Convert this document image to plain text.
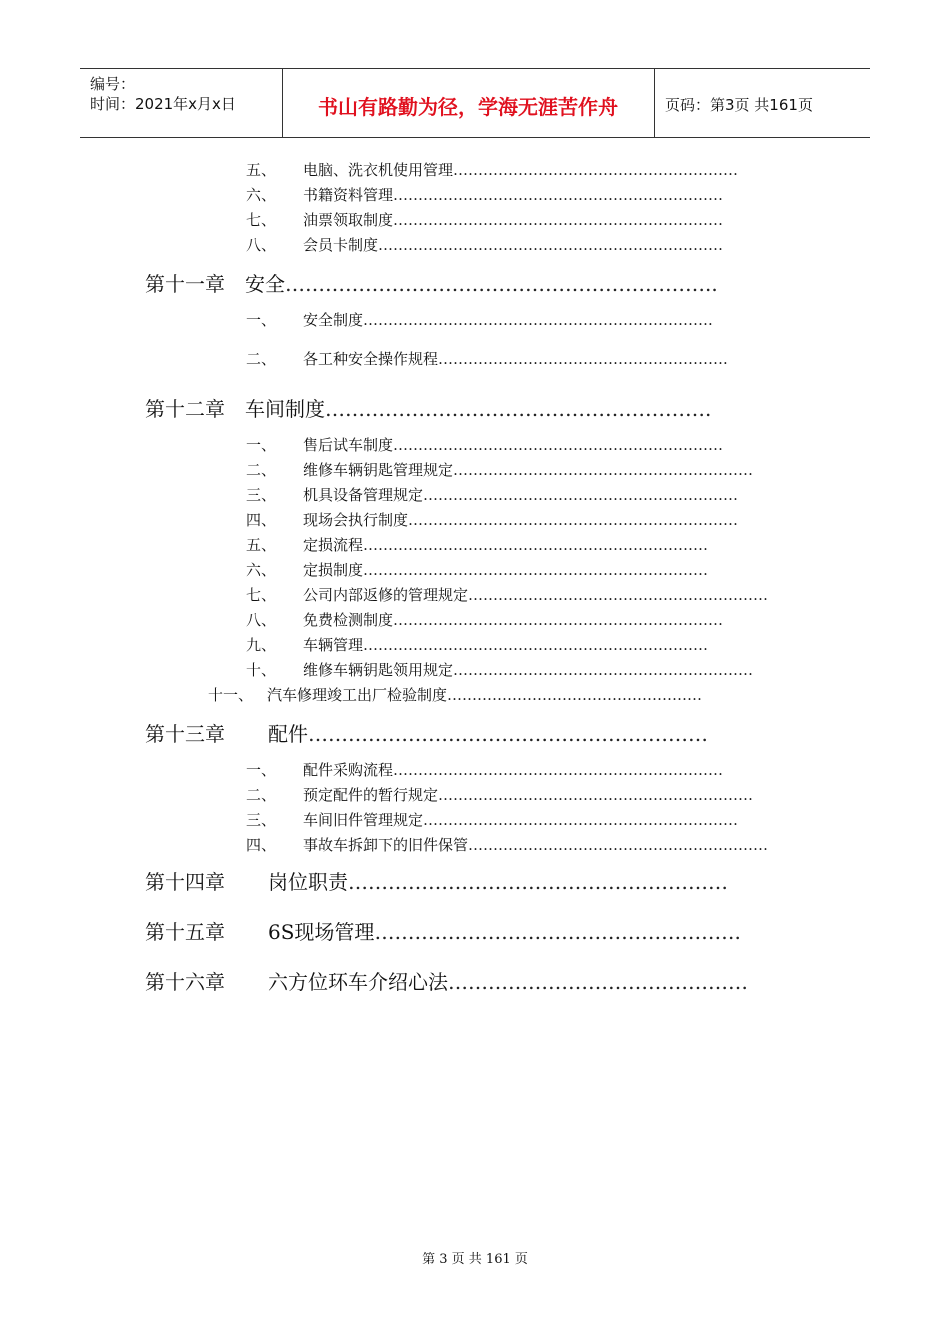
编号：
时间：2021年x月x日	书山有路勤为径，学海无涯苦作舟	页码：第3页 共161页
五、 电脑、洗衣机使用管理…………………………………………………
六、 书籍资料管理…………………………………………………………
七、 油票领取制度…………………………………………………………
八、 会员卡制度……………………………………………………………
第十一章 安全………………………………………………………..
一、 安全制度…………………………………………………………….
二、 各工种安全操作规程………………………………………………….
第十二章 车间制度………………………………………………….
一、 售后试车制度…………………………………………………………
二、 维修车辆钥匙管理规定……………………………………………………
三、 机具设备管理规定………………………………………………………
四、 现场会执行制度…………………………………………………………
五、 定损流程……………………………………………………………
六、 定损制度……………………………………………………………
七、 公司内部返修的管理规定……………………………………………………
八、 免费检测制度…………………………………………………………
九、 车辆管理……………………………………………………………
十、 维修车辆钥匙领用规定……………………………………………………
十一、 汽车修理竣工出厂检验制度……………………………………………
第十三章 配件……………………………………………………
一、 配件采购流程…………………………………………………………
二、 预定配件的暂行规定………………………………………………………
三、 车间旧件管理规定………………………………………………………
四、 事故车拆卸下的旧件保管……………………………………………………
第十四章 岗位职责…………………………………………………
第十五章 6S现场管理……………………………………………….
第十六章 六方位环车介绍心法………………………………………
第 3 页 共 161 页
